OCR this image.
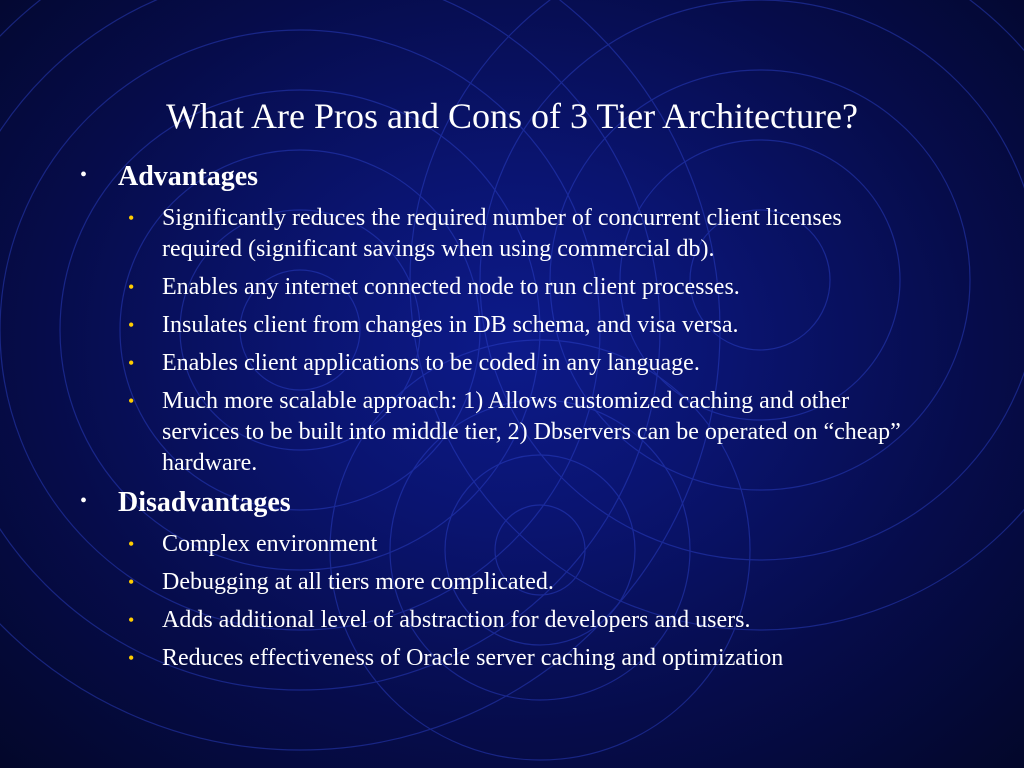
What Are Pros and Cons of 3 Tier Architecture?
•	Advantages
•	Significantly reduces the required number of concurrent client licenses required (significant savings when using commercial db).
•	Enables any internet connected node to run client processes.
•	Insulates client from changes in DB schema, and visa versa.
•	Enables client applications to be coded in any language.
•	Much more scalable approach: 1) Allows customized caching and other services to be built into middle tier, 2) Dbservers can be operated on “cheap” hardware.
•	Disadvantages
•	Complex environment
•	Debugging at all tiers more complicated.
•	Adds additional level of abstraction for developers and users.
•	Reduces effectiveness of Oracle server caching and optimization
